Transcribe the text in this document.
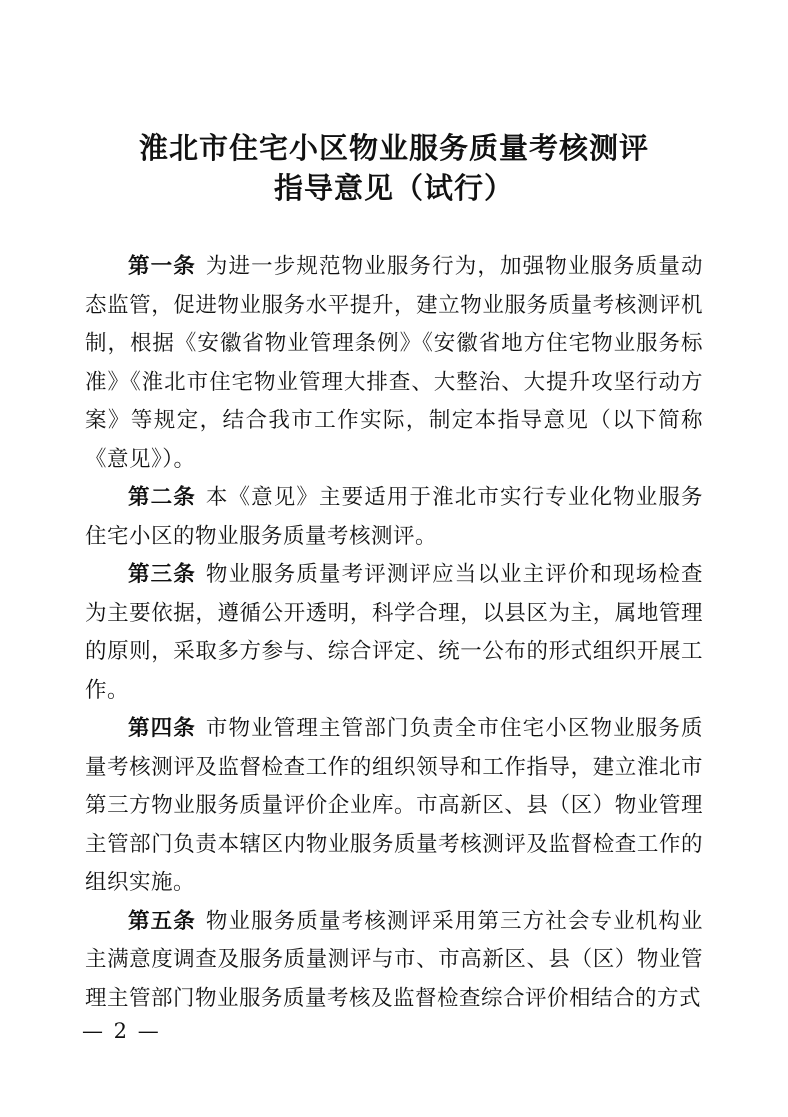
淮北市住宅小区物业服务质量考核测评
指导意见（试行）

第一条 为进一步规范物业服务行为，加强物业服务质量动态监管，促进物业服务水平提升，建立物业服务质量考核测评机制，根据《安徽省物业管理条例》《安徽省地方住宅物业服务标准》《淮北市住宅物业管理大排查、大整治、大提升攻坚行动方案》等规定，结合我市工作实际，制定本指导意见（以下简称《意见》）。

第二条 本《意见》主要适用于淮北市实行专业化物业服务住宅小区的物业服务质量考核测评。

第三条 物业服务质量考评测评应当以业主评价和现场检查为主要依据，遵循公开透明，科学合理，以县区为主，属地管理的原则，采取多方参与、综合评定、统一公布的形式组织开展工作。

第四条 市物业管理主管部门负责全市住宅小区物业服务质量考核测评及监督检查工作的组织领导和工作指导，建立淮北市第三方物业服务质量评价企业库。市高新区、县（区）物业管理主管部门负责本辖区内物业服务质量考核测评及监督检查工作的组织实施。

第五条 物业服务质量考核测评采用第三方社会专业机构业主满意度调查及服务质量测评与市、市高新区、县（区）物业管理主管部门物业服务质量考核及监督检查综合评价相结合的方式

— 2 —
